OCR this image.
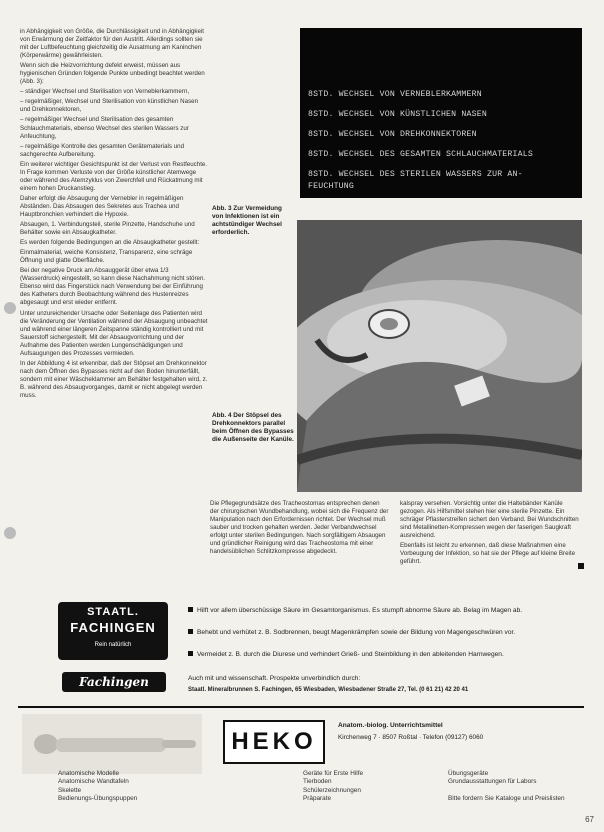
in Abhängigkeit von Größe, die Durchlässigkeit und in Abhängigkeit von Erwärmung der Zeitfaktor für den Austritt. Allerdings sollten sie mit der Luftbefeuchtung gleichzeitig die Ausatmung am Kaninchen (Körperwärme) gewährleisten.

Wenn sich die Heizvorrichtung defekt erweist, müssen aus hygienischen Gründen folgende Punkte unbedingt beachtet werden (Abb. 3):

– ständiger Wechsel und Sterilisation von Verneblerkammern,

– regelmäßiger, Wechsel und Sterilisation von künstlichen Nasen und Drehkonnektoren,

– regelmäßiger Wechsel und Sterilisation des gesamten Schlauchmaterials, ebenso Wechsel des sterilen Wassers zur Anfeuchtung,

– regelmäßige Kontrolle des gesamten Gerätematerials und sachgerechte Aufbereitung.

Ein weiterer wichtiger Gesichtspunkt ist der Verlust von Restfeuchte. In Frage kommen Verluste von der Größe künstlicher Atemwege oder während des Atemzyklus von Zwerchfell und Rückatmung mit einem hohen Druckanstieg.

Daher erfolgt die Absaugung der Vernebler in regelmäßigen Abständen. Das Absaugen des Sekretes aus Trachea und Hauptbronchien verhindert die Hypoxie.

Absaugen, 1. Verbindungsteil, sterile Pinzette, Handschuhe und Behälter sowie ein Absaugkatheter.

Es werden folgende Bedingungen an die Absaugkatheter gestellt:

Einmalmaterial, weiche Konsistenz, Transparenz, eine schräge Öffnung und glatte Oberfläche.

Bei der negative Druck am Absauggerät über etwa 1/3 (Wasserdruck) eingestellt, so kann diese Nachahmung nicht stören. Ebenso wird das Fingerstück nach Verwendung bei der Einführung des Katheters durch Beobachtung während des Hustenreizes abgesaugt und erst wieder entfernt.

Unter unzureichender Ursache oder Seitenlage des Patienten wird die Veränderung der Ventilation während der Absaugung unbeachtet und während einer längeren Zeitspanne ständig kontrolliert und mit Sauerstoff sichergestellt. Mit der Absaugvorrichtung und der Aufnahme des Patienten werden Lungenschädigungen und Aufsaugungen des Prozesses vermieden.

In der Abbildung 4 ist erkennbar, daß der Stöpsel am Drehkonnektor nach dem Öffnen des Bypasses nicht auf den Boden hinunterfällt, sondern mit einer Wäscheklammer am Behälter festgehalten wird, z. B. während des Absaugvorganges, damit er nicht abgelegt werden muss.

8STD. WECHSEL VON VERNEBLERKAMMERN
8STD. WECHSEL VON KÜNSTLICHEN NASEN
8STD. WECHSEL VON DREHKONNEKTOREN
8STD. WECHSEL DES GESAMTEN SCHLAUCHMATERIALS
8STD. WECHSEL DES STERILEN WASSERS ZUR AN-
FEUCHTUNG
Abb. 3 Zur Vermeidung von Infektionen ist ein achtstündiger Wechsel erforderlich.
Abb. 4 Der Stöpsel des Drehkonnektors parallel beim Öffnen des Bypasses die Außenseite der Kanüle.

Die Pflegegrundsätze des Tracheostomas entsprechen denen der chirurgischen Wundbehandlung, wobei sich die Frequenz der Manipulation nach den Erfordernissen richtet. Der Wechsel muß sauber und trocken gehalten werden. Jeder Verbandwechsel erfolgt unter sterilen Bedingungen. Nach sorgfältigem Absaugen und gründlicher Reinigung wird das Tracheostoma mit einer handelsüblichen Schlitzkompresse abgedeckt.

kalspray versehen. Vorsichtig unter die Haltebänder Kanüle gezogen. Als Hilfsmittel stehen hier eine sterile Pinzette. Ein schräger Pflasterstreifen sichert den Verband. Bei Wundschnitten sind Metallinetten-Kompressen wegen der faserigen Saugkraft ausreichend.

Ebenfalls ist leicht zu erkennen, daß diese Maßnahmen eine Vorbeugung der Infektion, so hat sie der Pflege auf kleine Breite geführt.

STAATL.
FACHINGEN
Rein natürlich
Fachingen
Hilft vor allem überschüssige Säure im Gesamtorganismus. Es stumpft abnorme Säure ab. Belag im Magen ab.
Behebt und verhütet z. B. Sodbrennen, beugt Magenkrämpfen sowie der Bildung von Magengeschwüren vor.
Vermeidet z. B. durch die Diurese und verhindert Grieß- und Steinbildung in den ableitenden Harnwegen.
Auch mit und wissenschaft. Prospekte unverbindlich durch:
Staatl. Mineralbrunnen S. Fachingen, 65 Wiesbaden, Wiesbadener Straße 27, Tel. (0 61 21) 42 20 41
HEKO
Anatom.-biolog. Unterrichtsmittel
Kirchenweg 7 · 8507 Roßtal · Telefon (09127) 6060
Anatomische Modelle
Anatomische Wandtafeln
Skelette
Bedienungs-Übungspuppen
Geräte für Erste Hilfe
Tierboden
Schülerzeichnungen
Präparate
Übungsgeräte
Grundausstattungen für Labors
Bitte fordern Sie Kataloge und Preislisten
67
